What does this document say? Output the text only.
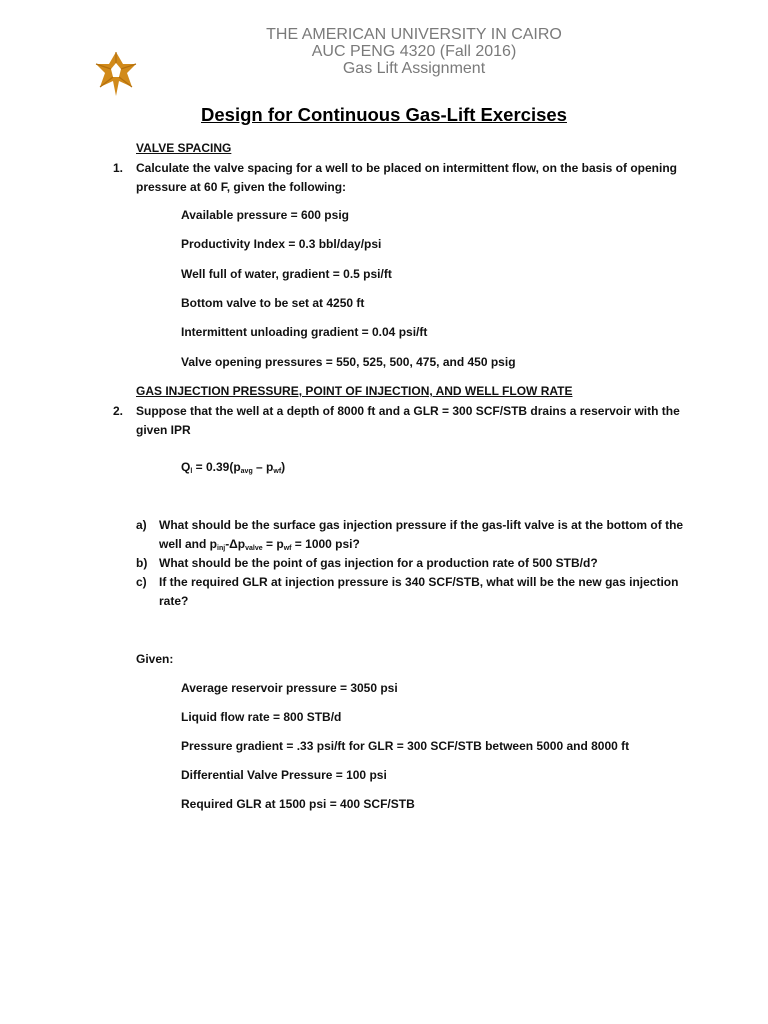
THE AMERICAN UNIVERSITY IN CAIRO
AUC PENG 4320 (Fall 2016)
Gas Lift Assignment
Design for Continuous Gas-Lift Exercises
VALVE SPACING
1. Calculate the valve spacing for a well to be placed on intermittent flow, on the basis of opening
pressure at 60 F, given the following:
Available pressure = 600 psig
Productivity Index = 0.3 bbl/day/psi
Well full of water, gradient = 0.5 psi/ft
Bottom valve to be set at 4250 ft
Intermittent unloading gradient = 0.04 psi/ft
Valve opening pressures = 550, 525, 500, 475, and 450 psig
GAS INJECTION PRESSURE, POINT OF INJECTION, AND WELL FLOW RATE
2. Suppose that the well at a depth of 8000 ft and a GLR = 300 SCF/STB drains a reservoir with the
given IPR
$Q_l = 0.39(p_{avg} - p_{wf})$
a) What should be the surface gas injection pressure if the gas-lift valve is at the bottom of the
well and $p_{inj}-\Delta p_{valve} = p_{wf} = 1000$ psi?
b) What should be the point of gas injection for a production rate of 500 STB/d?
c) If the required GLR at injection pressure is 340 SCF/STB, what will be the new gas injection
rate?
Given:
Average reservoir pressure = 3050 psi
Liquid flow rate = 800 STB/d
Pressure gradient = .33 psi/ft for GLR = 300 SCF/STB between 5000 and 8000 ft
Differential Valve Pressure = 100 psi
Required GLR at 1500 psi = 400 SCF/STB
